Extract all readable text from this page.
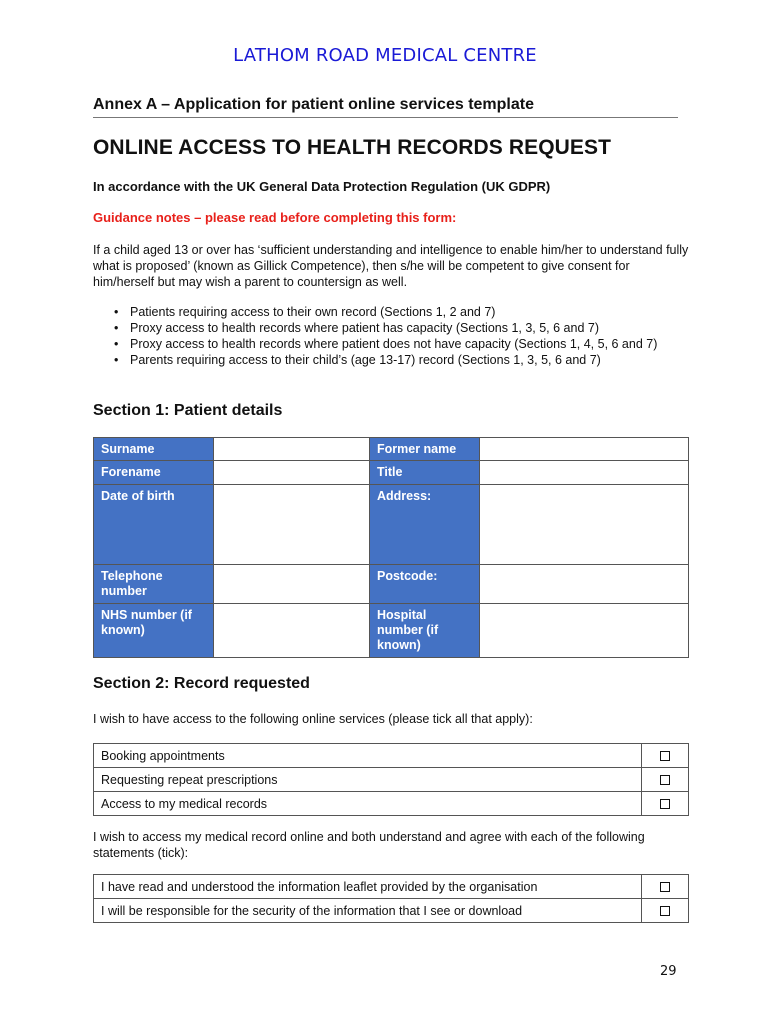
LATHOM ROAD MEDICAL CENTRE
Annex A – Application for patient online services template
ONLINE ACCESS TO HEALTH RECORDS REQUEST
In accordance with the UK General Data Protection Regulation (UK GDPR)
Guidance notes – please read before completing this form:
If a child aged 13 or over has ‘sufficient understanding and intelligence to enable him/her to understand fully what is proposed’ (known as Gillick Competence), then s/he will be competent to give consent for him/herself but may wish a parent to countersign as well.
• Patients requiring access to their own record (Sections 1, 2 and 7)
• Proxy access to health records where patient has capacity (Sections 1, 3, 5, 6 and 7)
• Proxy access to health records where patient does not have capacity (Sections 1, 4, 5, 6 and 7)
• Parents requiring access to their child’s (age 13-17) record (Sections 1, 3, 5, 6 and 7)
Section 1: Patient details
Surname		Former name	
Forename		Title	
Date of birth		Address:	
Telephone number		Postcode:	
NHS number (if known)		Hospital number (if known)	
Section 2: Record requested
I wish to have access to the following online services (please tick all that apply):
Booking appointments	
Requesting repeat prescriptions	
Access to my medical records	
I wish to access my medical record online and both understand and agree with each of the following statements (tick):
I have read and understood the information leaflet provided by the organisation	
I will be responsible for the security of the information that I see or download	
29
